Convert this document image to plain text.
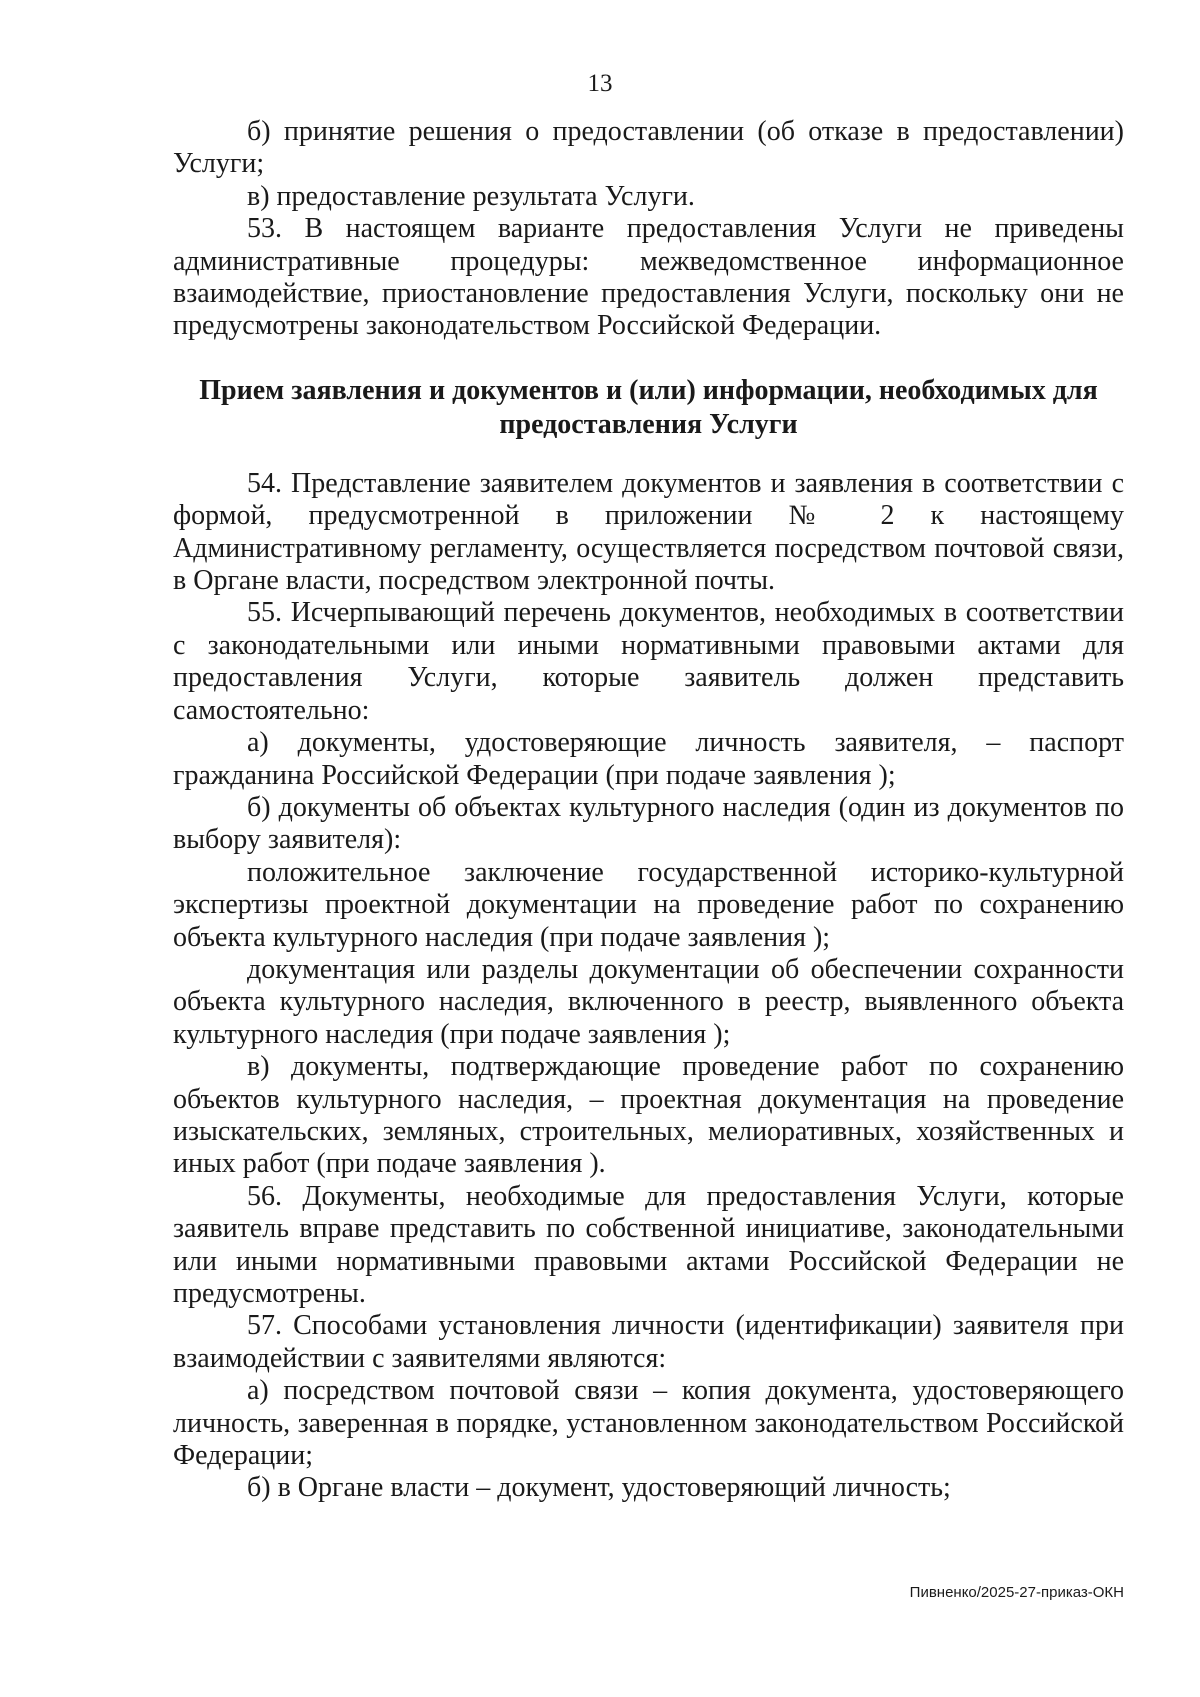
13

б) принятие решения о предоставлении (об отказе в предоставлении) Услуги;

в) предоставление результата Услуги.

53. В настоящем варианте предоставления Услуги не приведены административные процедуры: межведомственное информационное взаимодействие, приостановление предоставления Услуги, поскольку они не предусмотрены законодательством Российской Федерации.

Прием заявления и документов и (или) информации, необходимых для предоставления Услуги

54. Представление заявителем документов и заявления в соответствии с формой, предусмотренной в приложении № 2 к настоящему Административному регламенту, осуществляется посредством почтовой связи, в Органе власти, посредством электронной почты.

55. Исчерпывающий перечень документов, необходимых в соответствии с законодательными или иными нормативными правовыми актами для предоставления Услуги, которые заявитель должен представить самостоятельно:

а) документы, удостоверяющие личность заявителя, – паспорт гражданина Российской Федерации (при подаче заявления );

б) документы об объектах культурного наследия (один из документов по выбору заявителя):

положительное заключение государственной историко-культурной экспертизы проектной документации на проведение работ по сохранению объекта культурного наследия (при подаче заявления );

документация или разделы документации об обеспечении сохранности объекта культурного наследия, включенного в реестр, выявленного объекта культурного наследия (при подаче заявления );

в) документы, подтверждающие проведение работ по сохранению объектов культурного наследия, – проектная документация на проведение изыскательских, земляных, строительных, мелиоративных, хозяйственных и иных работ (при подаче заявления ).

56. Документы, необходимые для предоставления Услуги, которые заявитель вправе представить по собственной инициативе, законодательными или иными нормативными правовыми актами Российской Федерации не предусмотрены.

57. Способами установления личности (идентификации) заявителя при взаимодействии с заявителями являются:

а) посредством почтовой связи – копия документа, удостоверяющего личность, заверенная в порядке, установленном законодательством Российской Федерации;

б) в Органе власти – документ, удостоверяющий личность;

Пивненко/2025-27-приказ-ОКН
